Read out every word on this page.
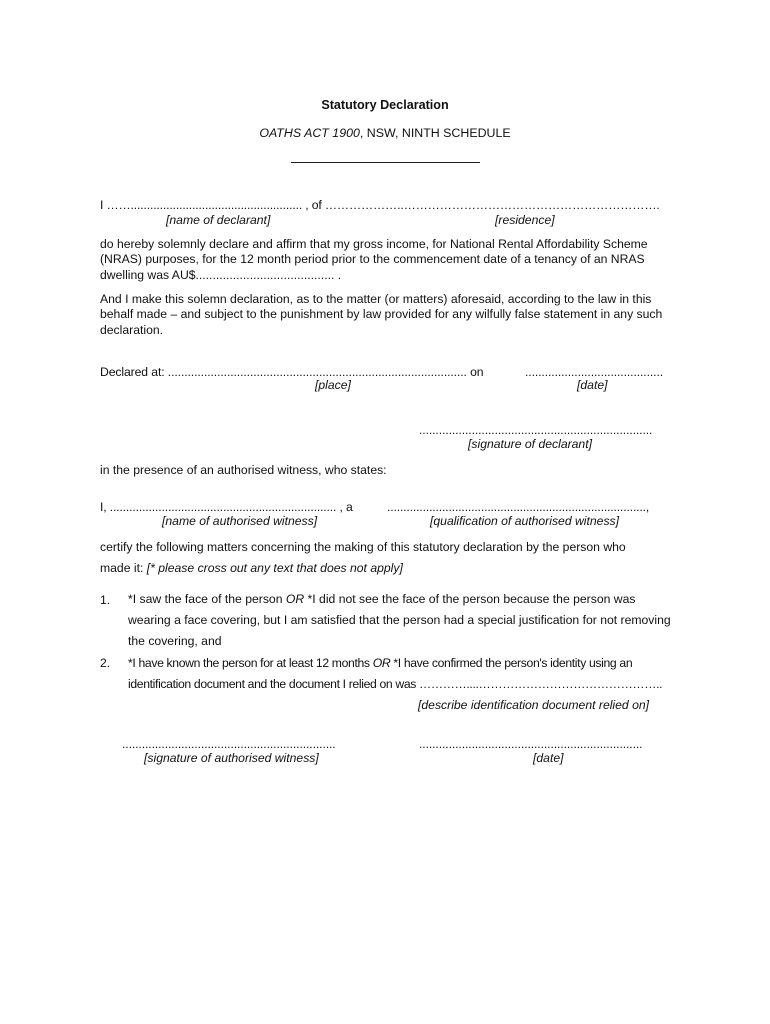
Statutory Declaration
OATHS ACT 1900, NSW, NINTH SCHEDULE
I ……..................................................... , of ………………..……………………………………………………….
[name of declarant]	[residence]
do hereby solemnly declare and affirm that my gross income, for National Rental Affordability Scheme (NRAS) purposes, for the 12 month period prior to the commencement date of a tenancy of an NRAS dwelling was AU$......................................... .
And I make this solemn declaration, as to the matter (or matters) aforesaid, according to the law in this behalf made – and subject to the punishment by law provided for any wilfully false statement in any such declaration.
Declared at: ........................................................................................... on	..........................................
[place]	[date]
.......................................................................
[signature of declarant]
in the presence of an authorised witness, who states:
I, ...................................................................... , a	................................................................................,
[name of authorised witness]	[qualification of authorised witness]
certify the following matters concerning the making of this statutory declaration by the person who
made it: [* please cross out any text that does not apply]
1. *I saw the face of the person OR *I did not see the face of the person because the person was wearing a face covering, but I am satisfied that the person had a special justification for not removing the covering, and
2. *I have known the person for at least 12 months OR *I have confirmed the person's identity using an
identification document and the document I relied on was …………....………………………………………..
[describe identification document relied on]
.................................................................
[signature of authorised witness]
....................................................................
[date]
